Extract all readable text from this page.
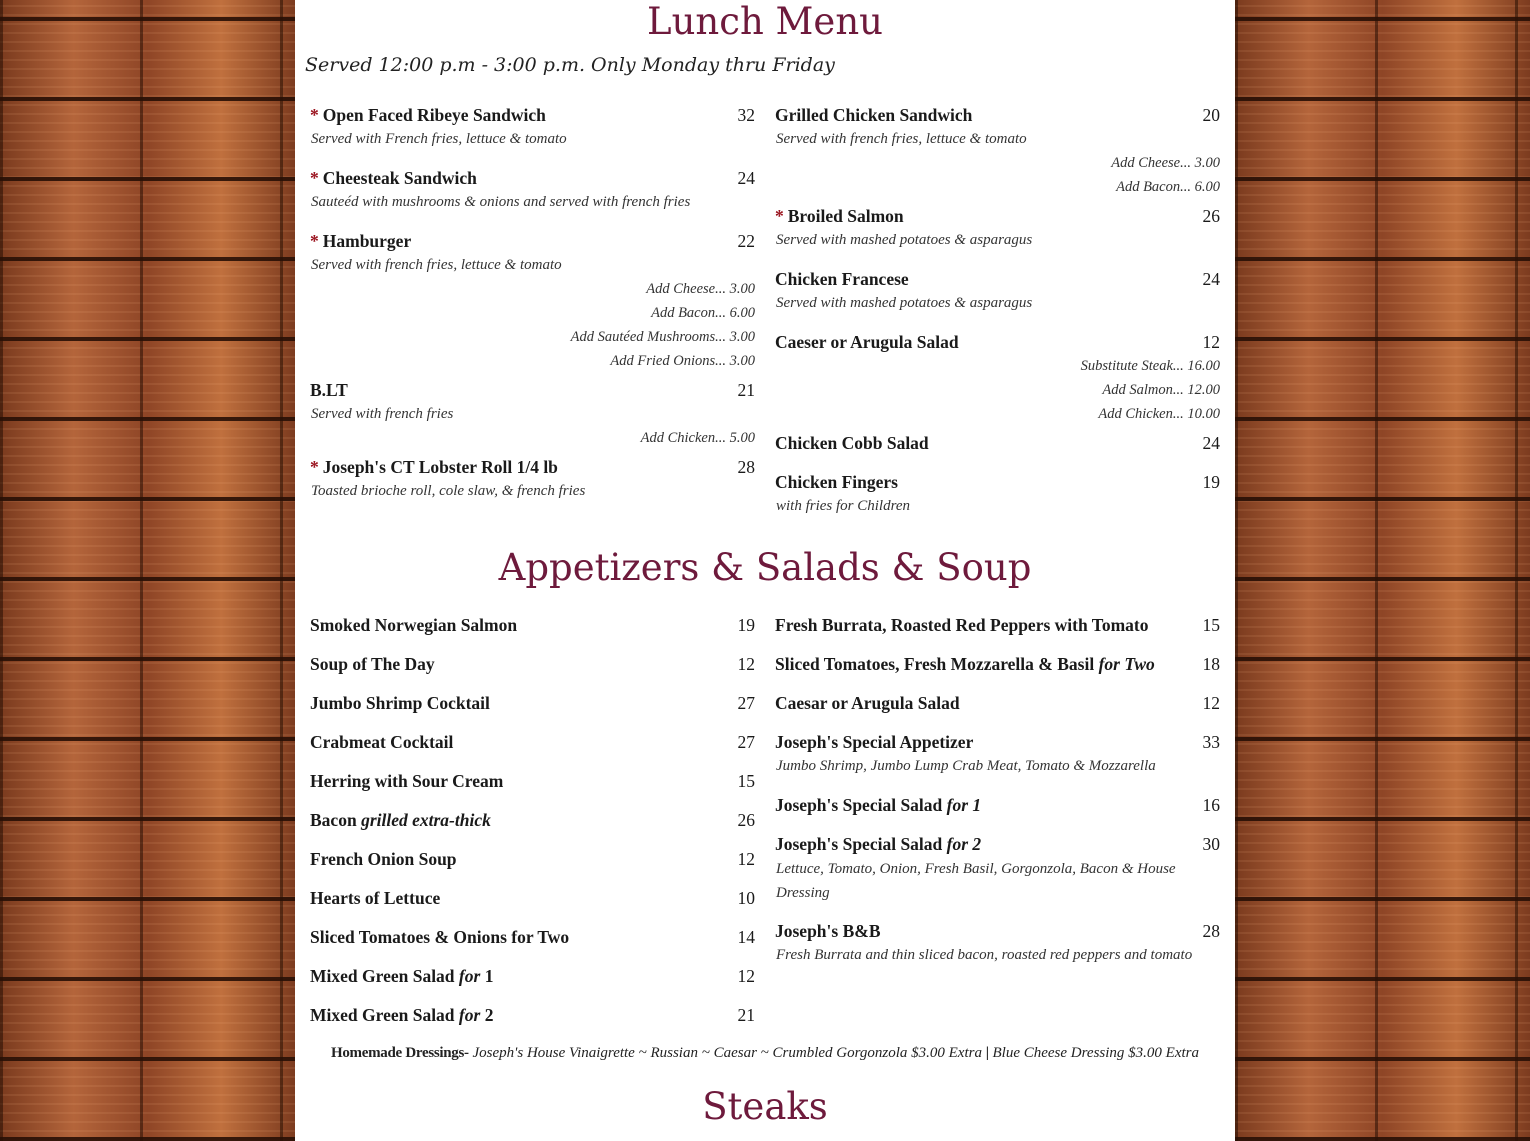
Lunch Menu
Served 12:00 p.m - 3:00 p.m. Only Monday thru Friday
* Open Faced Ribeye Sandwich	32
Served with French fries, lettuce & tomato
* Cheesteak Sandwich	24
Sauteéd with mushrooms & onions and served with french fries
* Hamburger	22
Served with french fries, lettuce & tomato
Add Cheese... 3.00
Add Bacon... 6.00
Add Sautéed Mushrooms... 3.00
Add Fried Onions... 3.00
B.LT	21
Served with french fries
Add Chicken... 5.00
* Joseph's CT Lobster Roll 1/4 lb	28
Toasted brioche roll, cole slaw, & french fries
Grilled Chicken Sandwich	20
Served with french fries, lettuce & tomato
Add Cheese... 3.00
Add Bacon... 6.00
* Broiled Salmon	26
Served with mashed potatoes & asparagus
Chicken Francese	24
Served with mashed potatoes & asparagus
Caeser or Arugula Salad	12
Substitute Steak... 16.00
Add Salmon... 12.00
Add Chicken... 10.00
Chicken Cobb Salad	24
Chicken Fingers	19
with fries for Children
Appetizers & Salads & Soup
Smoked Norwegian Salmon	19
Soup of The Day	12
Jumbo Shrimp Cocktail	27
Crabmeat Cocktail	27
Herring with Sour Cream	15
Bacon grilled extra-thick	26
French Onion Soup	12
Hearts of Lettuce	10
Sliced Tomatoes & Onions for Two	14
Mixed Green Salad for 1	12
Mixed Green Salad for 2	21
Fresh Burrata, Roasted Red Peppers with Tomato	15
Sliced Tomatoes, Fresh Mozzarella & Basil for Two	18
Caesar or Arugula Salad	12
Joseph's Special Appetizer	33
Jumbo Shrimp, Jumbo Lump Crab Meat, Tomato & Mozzarella
Joseph's Special Salad for 1	16
Joseph's Special Salad for 2	30
Lettuce, Tomato, Onion, Fresh Basil, Gorgonzola, Bacon & House Dressing
Joseph's B&B	28
Fresh Burrata and thin sliced bacon, roasted red peppers and tomato
Homemade Dressings- Joseph's House Vinaigrette ~ Russian ~ Caesar ~ Crumbled Gorgonzola $3.00 Extra | Blue Cheese Dressing $3.00 Extra
Steaks
